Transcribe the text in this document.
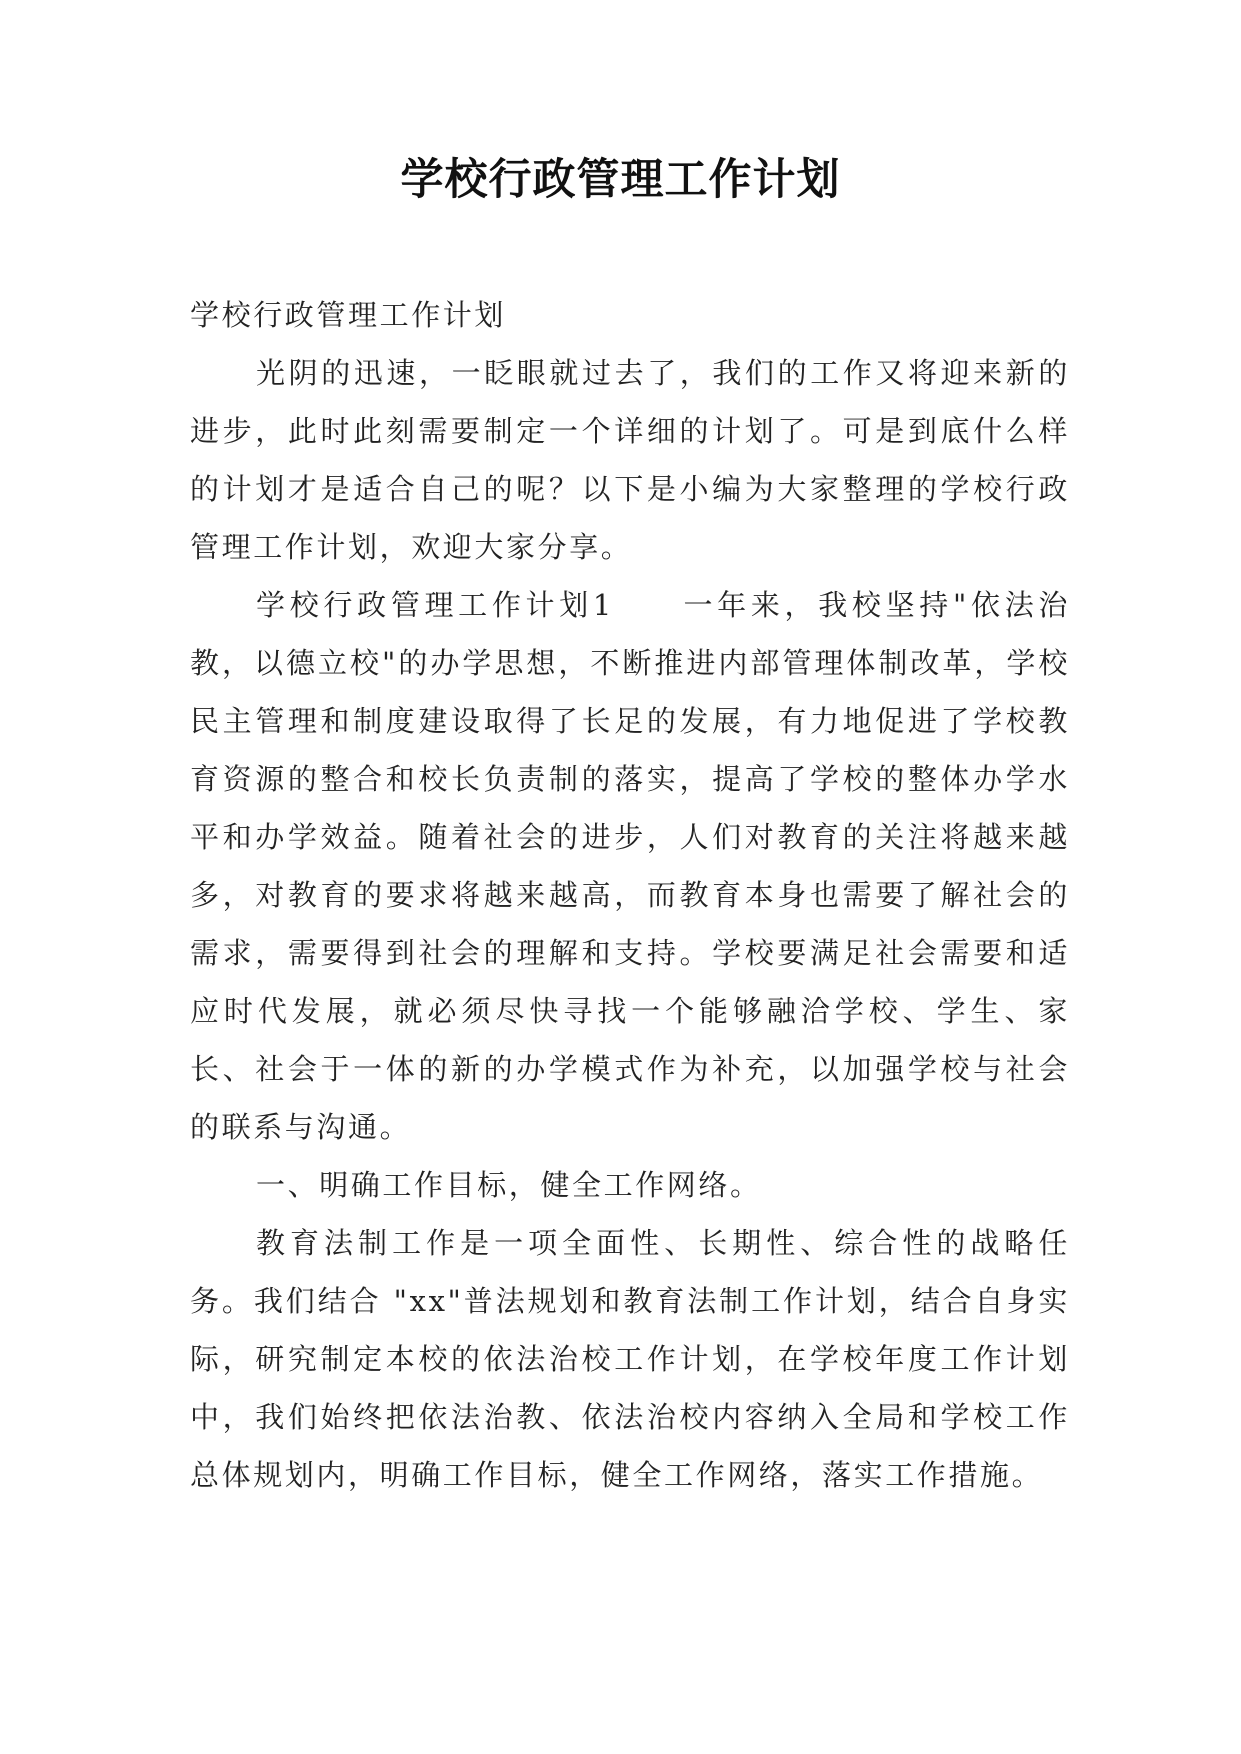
学校行政管理工作计划

学校行政管理工作计划

光阴的迅速，一眨眼就过去了，我们的工作又将迎来新的进步，此时此刻需要制定一个详细的计划了。可是到底什么样的计划才是适合自己的呢？以下是小编为大家整理的学校行政管理工作计划，欢迎大家分享。

学校行政管理工作计划1　　一年来，我校坚持"依法治教，以德立校"的办学思想，不断推进内部管理体制改革，学校民主管理和制度建设取得了长足的发展，有力地促进了学校教育资源的整合和校长负责制的落实，提高了学校的整体办学水平和办学效益。随着社会的进步，人们对教育的关注将越来越多，对教育的要求将越来越高，而教育本身也需要了解社会的需求，需要得到社会的理解和支持。学校要满足社会需要和适应时代发展，就必须尽快寻找一个能够融洽学校、学生、家长、社会于一体的新的办学模式作为补充，以加强学校与社会的联系与沟通。

一、明确工作目标，健全工作网络。

教育法制工作是一项全面性、长期性、综合性的战略任务。我们结合 "xx"普法规划和教育法制工作计划，结合自身实际，研究制定本校的依法治校工作计划，在学校年度工作计划中，我们始终把依法治教、依法治校内容纳入全局和学校工作总体规划内，明确工作目标，健全工作网络，落实工作措施。
